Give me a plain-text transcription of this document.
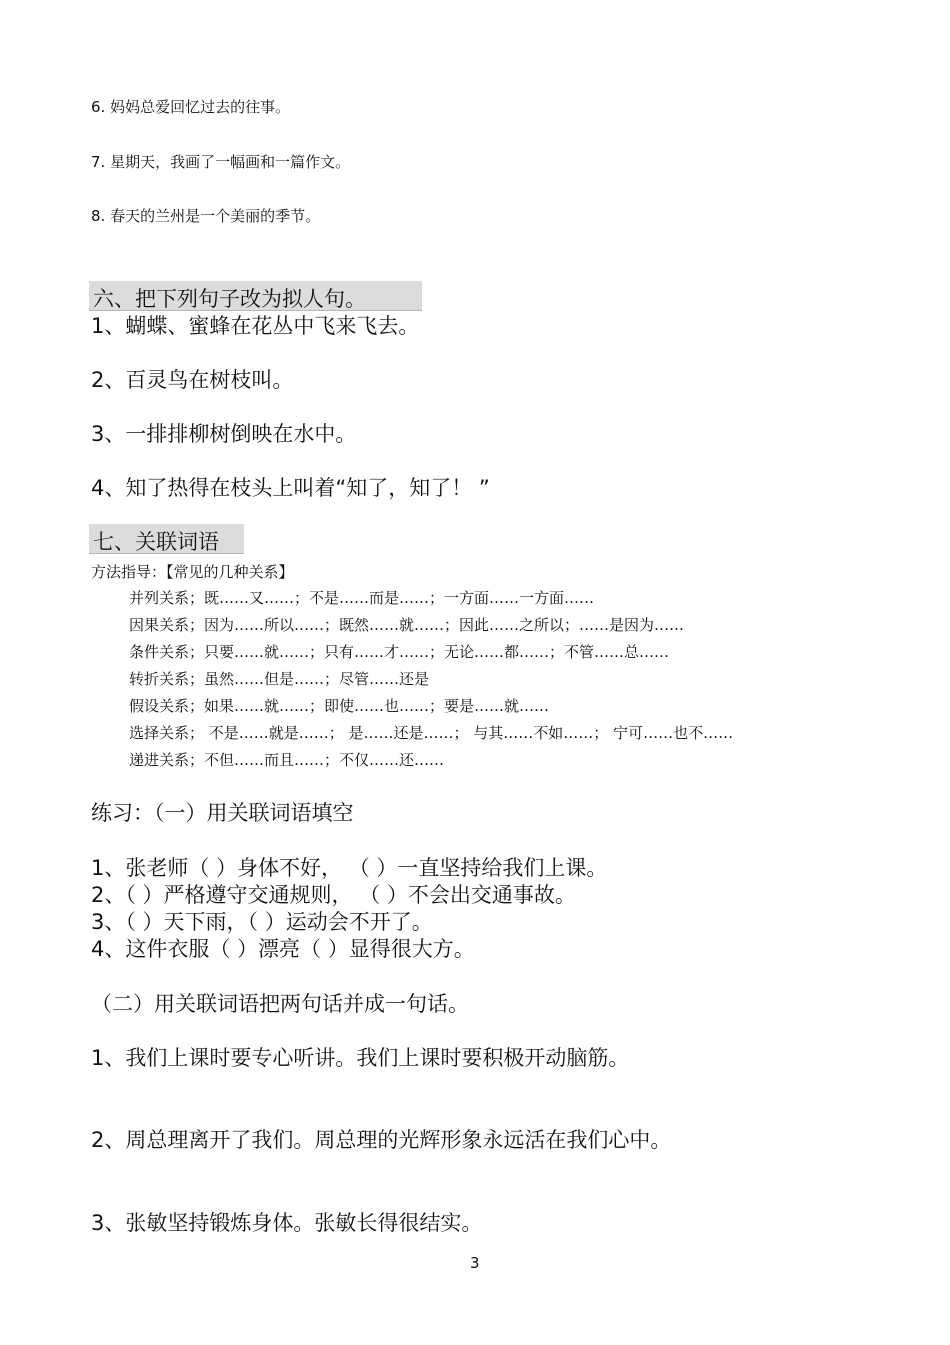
6. 妈妈总爱回忆过去的往事。

7. 星期天，我画了一幅画和一篇作文。

8. 春天的兰州是一个美丽的季节。

六、把下列句子改为拟人句。

1、蝴蝶、蜜蜂在花丛中飞来飞去。

2、百灵鸟在树枝叫。

3、一排排柳树倒映在水中。

4、知了热得在枝头上叫着“知了，知了！ ”

七、关联词语

方法指导：【常见的几种关系】

并列关系；既……又……；不是……而是……；一方面……一方面……

因果关系；因为……所以……；既然……就……；因此……之所以；……是因为……

条件关系；只要……就……；只有……才……；无论……都……；不管……总……

转折关系；虽然……但是……；尽管……还是

假设关系；如果……就……；即使……也……；要是……就……

选择关系； 不是……就是……； 是……还是……； 与其……不如……； 宁可……也不……

递进关系；不但……而且……；不仅……还……

练习：（一）用关联词语填空

1、张老师（ ）身体不好， （ ）一直坚持给我们上课。

2、（ ）严格遵守交通规则， （ ）不会出交通事故。

3、（ ）天下雨，（ ）运动会不开了。

4、这件衣服（ ）漂亮（ ）显得很大方。

（二）用关联词语把两句话并成一句话。

1、我们上课时要专心听讲。我们上课时要积极开动脑筋。

2、周总理离开了我们。周总理的光辉形象永远活在我们心中。

3、张敏坚持锻炼身体。张敏长得很结实。

3
